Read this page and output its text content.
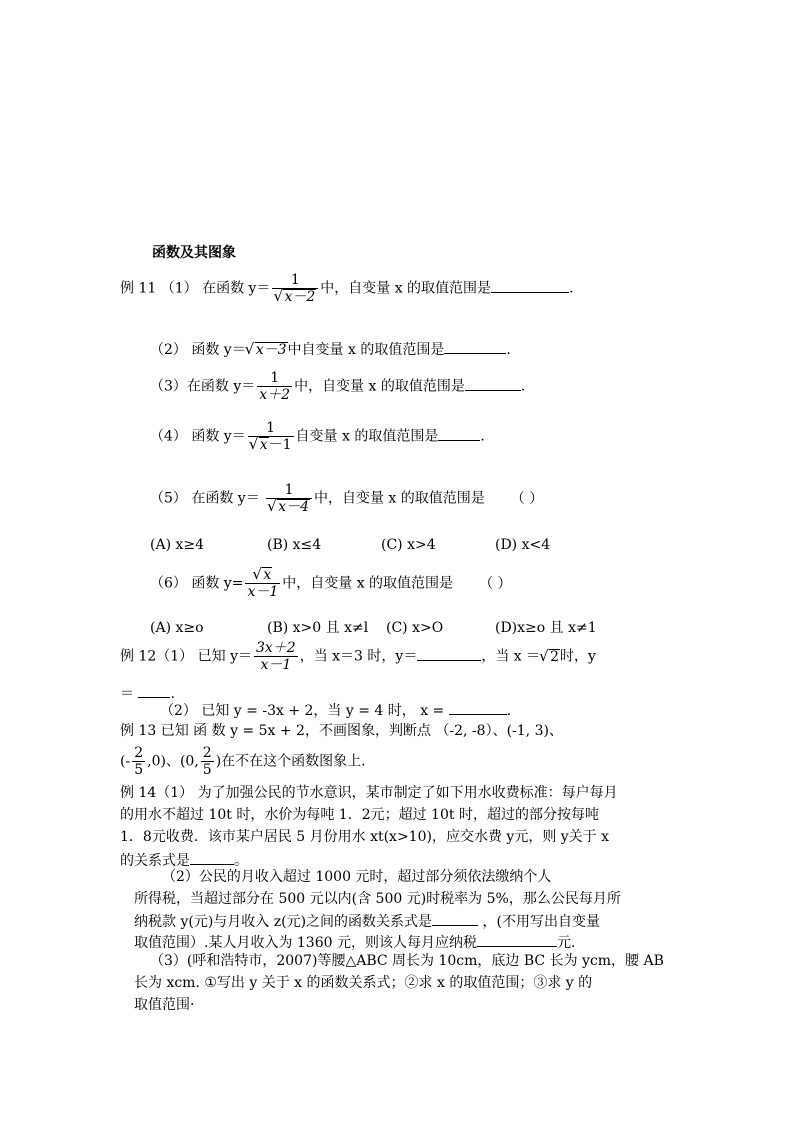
函数及其图象
例 11 （1） 在函数 y＝ 1
√ x－2 中，自变量 x 的取值范围是	.
（2） 函数 y＝ √ x－3中自变量 x 的取值范围是	.
（3）在函数 $y= \frac{1}{x+2}$ 中，自变量 x 的取值范围是	.
（4） 函数 y＝ 1
√ x－1 自变量 x 的取值范围是	.
（5） 在函数 y＝ 1
√ x－4 中，自变量 x 的取值范围是 （ ）
(A) x≥4	(B) x≤4	(C) x>4	(D) x<4
（6） 函数 y= √ $\frac{x}{x-1}$ 中，自变量 x 的取值范围是 （ ）
(A) x≥o	(B) x>0 且 x≠l (C) x>O	(D)x≥o 且 x≠1
例 12（1） 已知 $y= \frac{3x+2}{x-1}$ ，当 x＝3 时，y＝	，当 x ＝ √ 2时，y
＝	.
（2） 已知 y = -3x + 2，当 y = 4 时， x =	.
例 13 已知 函 数 y = 5x + 2，不画图象，判断点 （-2, -8）、(-1, 3)、
(- $\frac{2}{5} ,0$)、(0, $\frac{2}{5}$ )在不在这个函数图象上.
例 14（1） 为了加强公民的节水意识，某市制定了如下用水收费标准：每户每月
的用水不超过 10t 时，水价为每吨 1．2元；超过 10t 时，超过的部分按每吨
1．8元收费．该市某户居民 5 月份用水 xt(x>10)，应交水费 y元，则 y关于 x
的关系式是	。
（2）公民的月收入超过 1000 元时，超过部分须依法缴纳个人
所得税，当超过部分在 500 元以内(含 500 元)时税率为 5%，那么公民每月所
纳税款 y(元)与月收入 z(元)之间的函数关系式是	，(不用写出自变量
取值范围）.某人月收入为 1360 元，则该人每月应纳税	元.
（3）(呼和浩特市，2007)等腰△ABC 周长为 10cm，底边 BC 长为 ycm，腰 AB
长为 xcm. ①写出 y 关于 x 的函数关系式；②求 x 的取值范围；③求 y 的
取值范围·
